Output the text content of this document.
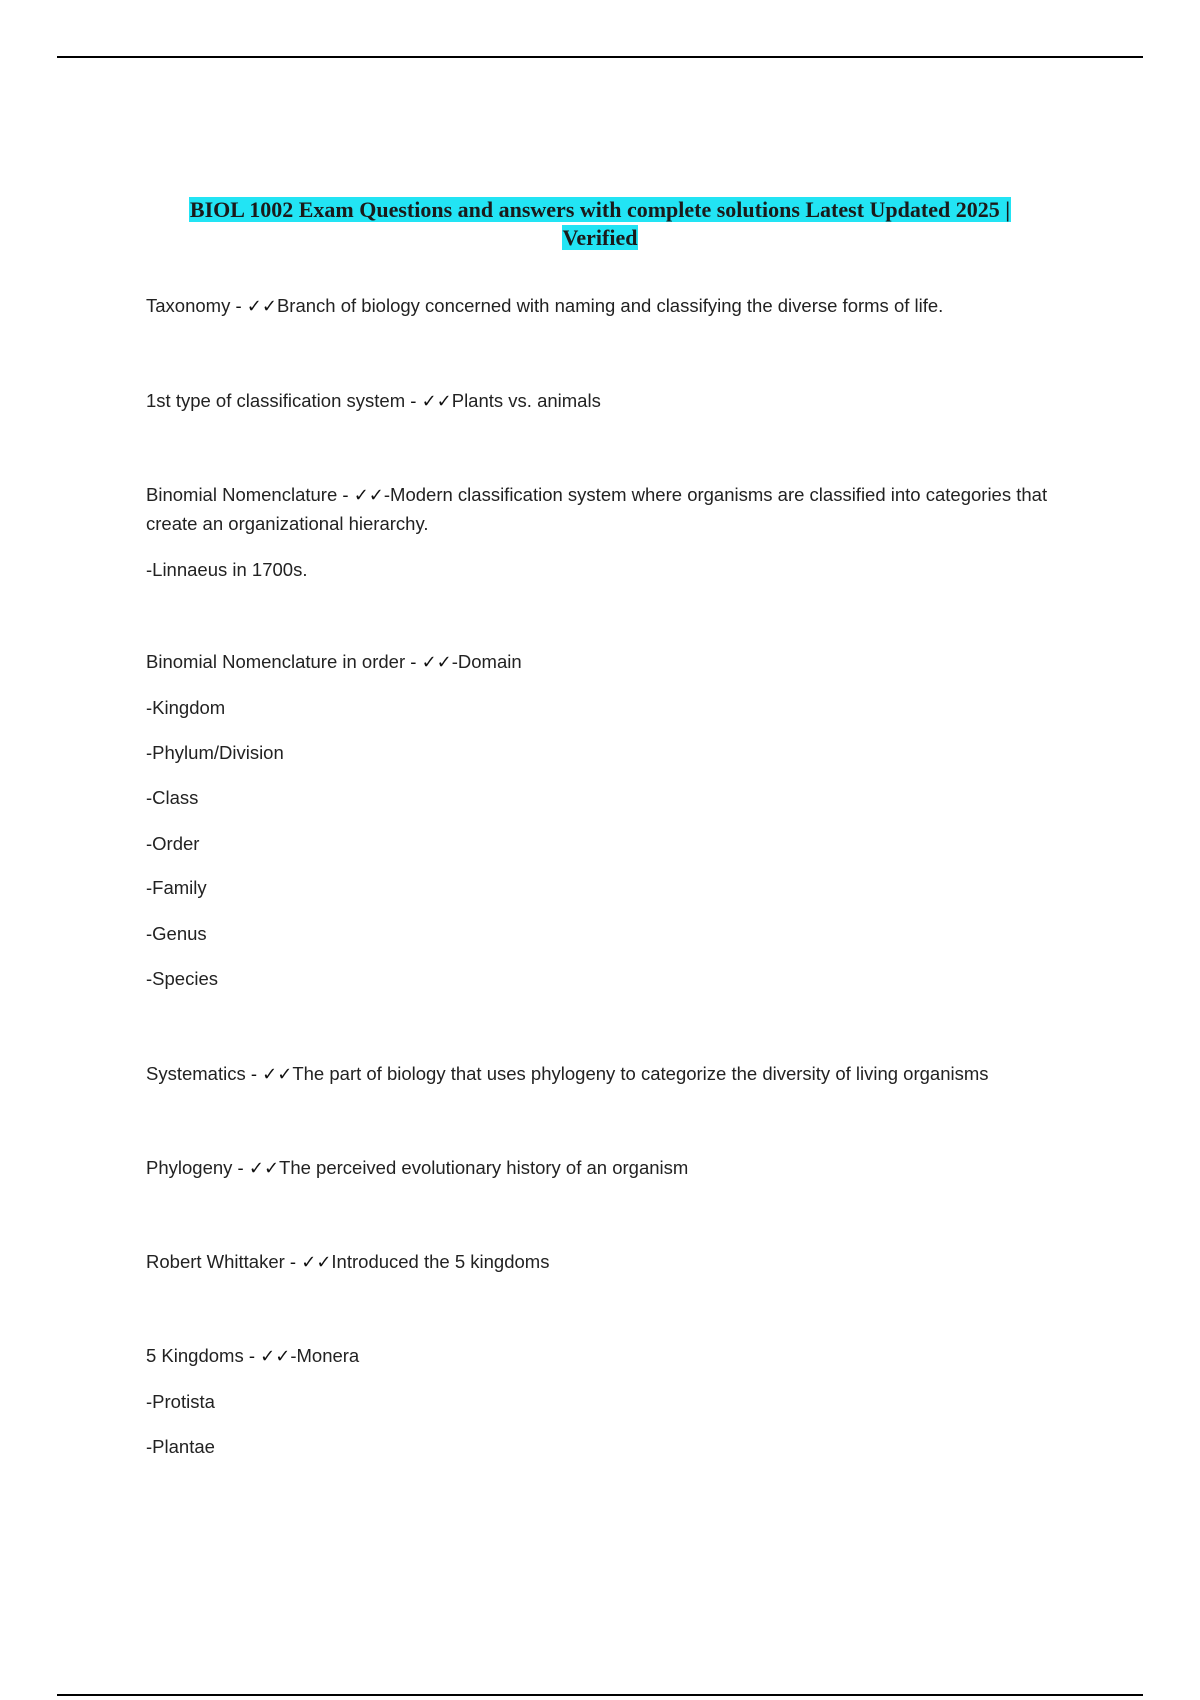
BIOL 1002 Exam Questions and answers with complete solutions Latest Updated 2025 |
Verified
Taxonomy - ✓✓Branch of biology concerned with naming and classifying the diverse forms of life.
1st type of classification system - ✓✓Plants vs. animals
Binomial Nomenclature - ✓✓-Modern classification system where organisms are classified into categories that create an organizational hierarchy.
-Linnaeus in 1700s.
Binomial Nomenclature in order - ✓✓-Domain
-Kingdom
-Phylum/Division
-Class
-Order
-Family
-Genus
-Species
Systematics - ✓✓The part of biology that uses phylogeny to categorize the diversity of living organisms
Phylogeny - ✓✓The perceived evolutionary history of an organism
Robert Whittaker - ✓✓Introduced the 5 kingdoms
5 Kingdoms - ✓✓-Monera
-Protista
-Plantae
